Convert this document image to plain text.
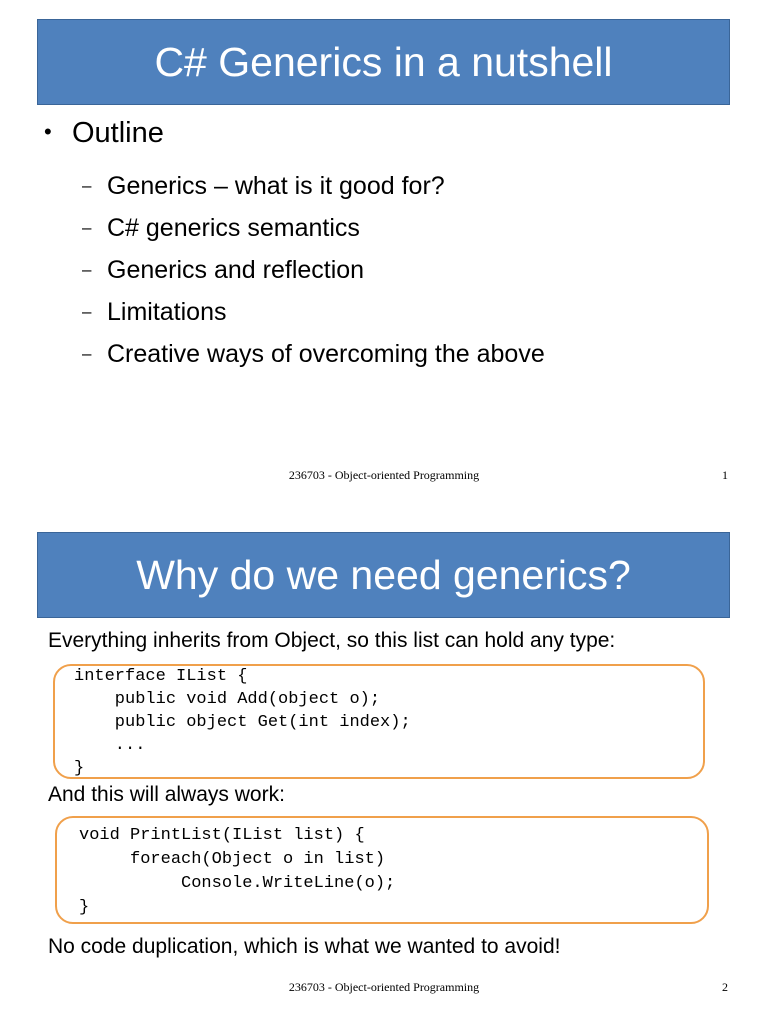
C# Generics in a nutshell
• Outline
– Generics – what is it good for?
– C# generics semantics
– Generics and reflection
– Limitations
– Creative ways of overcoming the above
236703 - Object-oriented Programming	1
Why do we need generics?
Everything inherits from Object, so this list can hold any type:
interface IList {
public void Add(object o);
public object Get(int index);
...
}
And this will always work:
void PrintList(IList list) {
foreach(Object o in list)
Console.WriteLine(o);
}
No code duplication, which is what we wanted to avoid!
236703 - Object-oriented Programming	2
